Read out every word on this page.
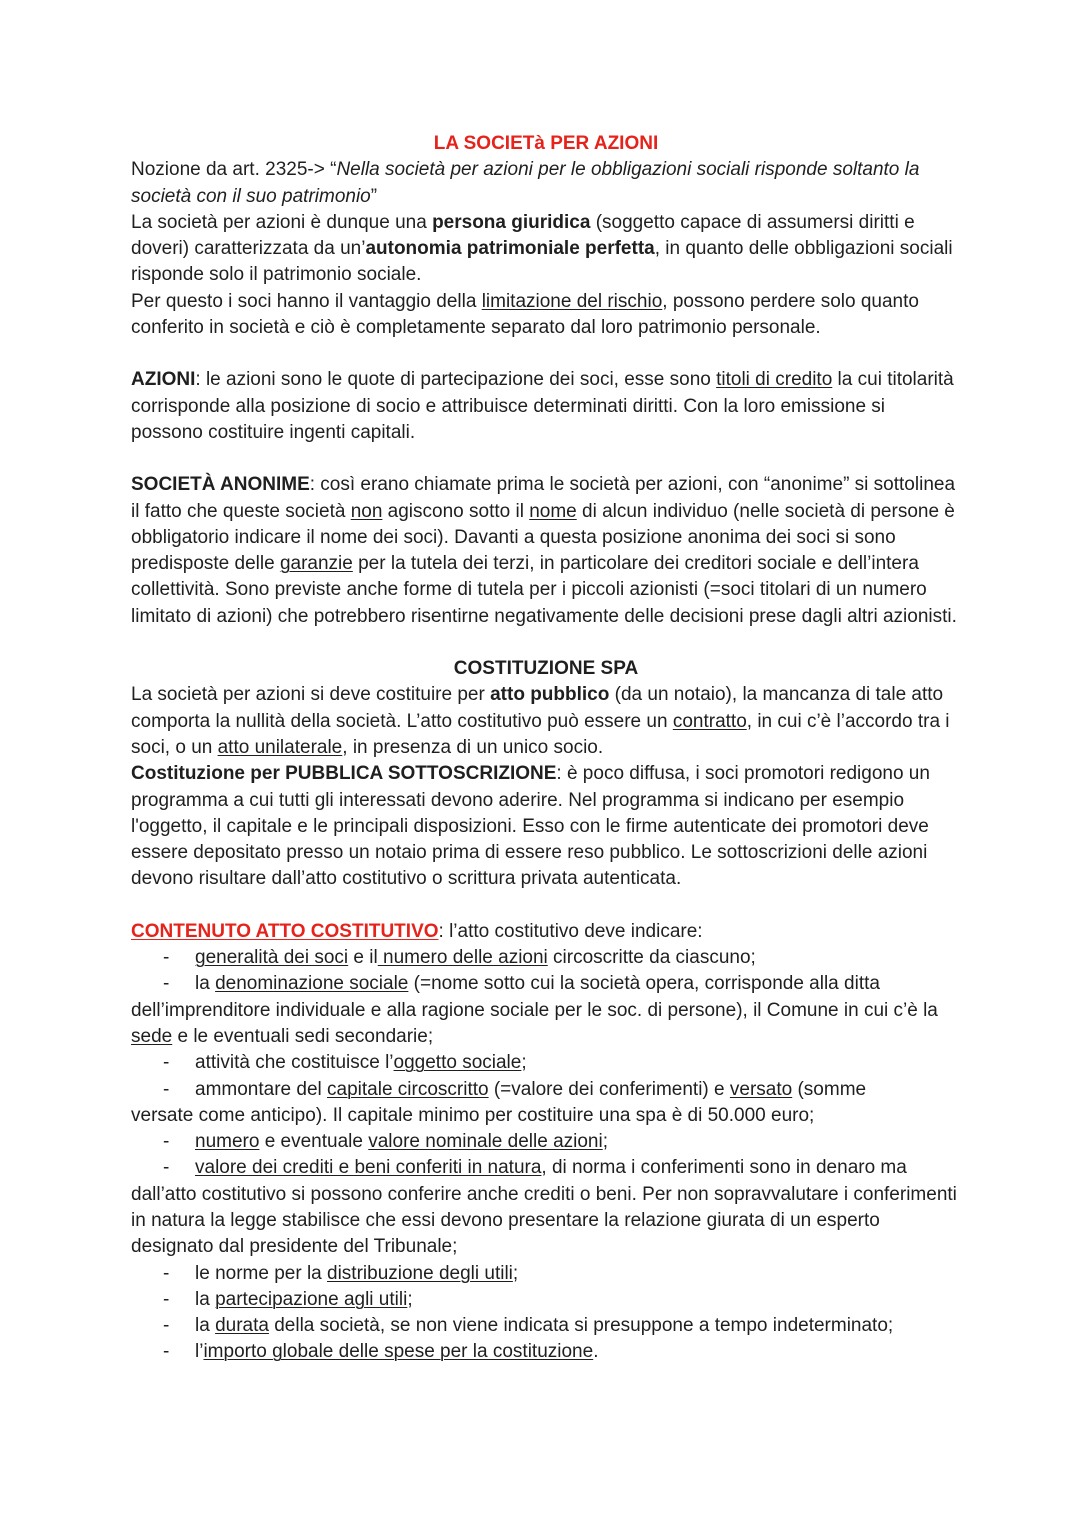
LA SOCIETà PER AZIONI

Nozione da art. 2325-> “Nella società per azioni per le obbligazioni sociali risponde soltanto la società con il suo patrimonio”

La società per azioni è dunque una persona giuridica (soggetto capace di assumersi diritti e doveri) caratterizzata da un’autonomia patrimoniale perfetta, in quanto delle obbligazioni sociali risponde solo il patrimonio sociale.

Per questo i soci hanno il vantaggio della limitazione del rischio, possono perdere solo quanto conferito in società e ciò è completamente separato dal loro patrimonio personale.

AZIONI: le azioni sono le quote di partecipazione dei soci, esse sono titoli di credito la cui titolarità corrisponde alla posizione di socio e attribuisce determinati diritti. Con la loro emissione si possono costituire ingenti capitali.

SOCIETÀ ANONIME: così erano chiamate prima le società per azioni, con “anonime” si sottolinea il fatto che queste società non agiscono sotto il nome di alcun individuo (nelle società di persone è obbligatorio indicare il nome dei soci). Davanti a questa posizione anonima dei soci si sono predisposte delle garanzie per la tutela dei terzi, in particolare dei creditori sociale e dell’intera collettività. Sono previste anche forme di tutela per i piccoli azionisti (=soci titolari di un numero limitato di azioni) che potrebbero risentirne negativamente delle decisioni prese dagli altri azionisti.

COSTITUZIONE SPA

La società per azioni si deve costituire per atto pubblico (da un notaio), la mancanza di tale atto comporta la nullità della società. L’atto costitutivo può essere un contratto, in cui c’è l’accordo tra i soci, o un atto unilaterale, in presenza di un unico socio.

Costituzione per PUBBLICA SOTTOSCRIZIONE: è poco diffusa, i soci promotori redigono un programma a cui tutti gli interessati devono aderire. Nel programma si indicano per esempio l'oggetto, il capitale e le principali disposizioni. Esso con le firme autenticate dei promotori deve essere depositato presso un notaio prima di essere reso pubblico. Le sottoscrizioni delle azioni devono risultare dall’atto costitutivo o scrittura privata autenticata.

CONTENUTO ATTO COSTITUTIVO: l’atto costitutivo deve indicare:

- generalità dei soci e il numero delle azioni circoscritte da ciascuno;
- la denominazione sociale (=nome sotto cui la società opera, corrisponde alla ditta
dell’imprenditore individuale e alla ragione sociale per le soc. di persone), il Comune in cui c’è la sede e le eventuali sedi secondarie;
- attività che costituisce l’oggetto sociale;
- ammontare del capitale circoscritto (=valore dei conferimenti) e versato (somme
versate come anticipo). Il capitale minimo per costituire una spa è di 50.000 euro;
- numero e eventuale valore nominale delle azioni;
- valore dei crediti e beni conferiti in natura, di norma i conferimenti sono in denaro ma
dall’atto costitutivo si possono conferire anche crediti o beni. Per non sopravvalutare i conferimenti in natura la legge stabilisce che essi devono presentare la relazione giurata di un esperto designato dal presidente del Tribunale;
- le norme per la distribuzione degli utili;
- la partecipazione agli utili;
- la durata della società, se non viene indicata si presuppone a tempo indeterminato;
- l’importo globale delle spese per la costituzione.
